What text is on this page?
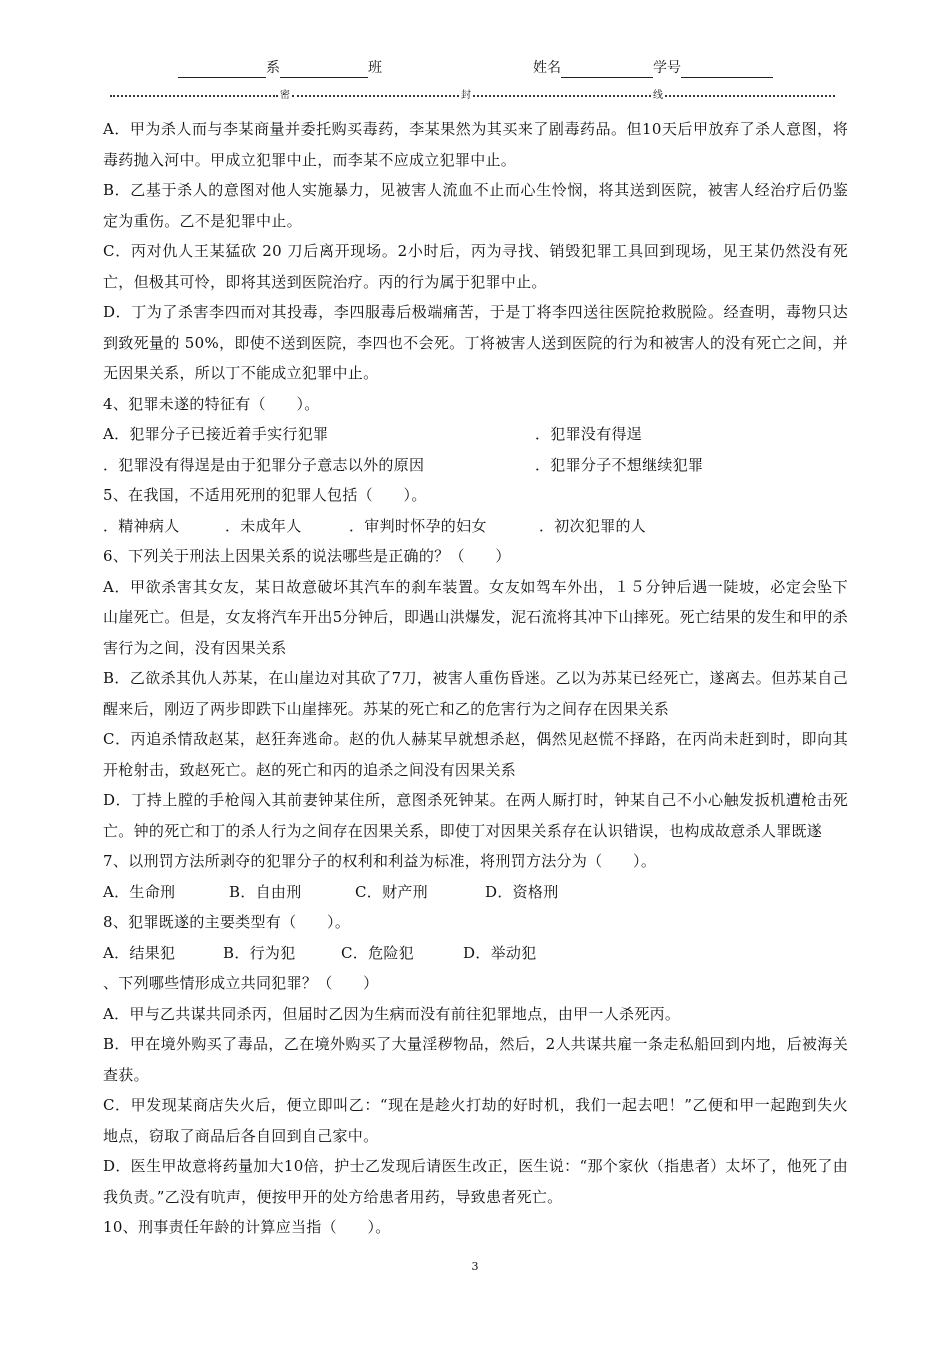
系	班	姓名	学号
密	封	线

A．甲为杀人而与李某商量并委托购买毒药，李某果然为其买来了剧毒药品。但10天后甲放弃了杀人意图，将毒药抛入河中。甲成立犯罪中止，而李某不应成立犯罪中止。

B．乙基于杀人的意图对他人实施暴力，见被害人流血不止而心生怜悯，将其送到医院，被害人经治疗后仍鉴定为重伤。乙不是犯罪中止。

C．丙对仇人王某猛砍 20 刀后离开现场。2小时后，丙为寻找、销毁犯罪工具回到现场，见王某仍然没有死亡，但极其可怜，即将其送到医院治疗。丙的行为属于犯罪中止。

D．丁为了杀害李四而对其投毒，李四服毒后极端痛苦，于是丁将李四送往医院抢救脱险。经查明，毒物只达到致死量的 50%，即使不送到医院，李四也不会死。丁将被害人送到医院的行为和被害人的没有死亡之间，并无因果关系，所以丁不能成立犯罪中止。

4、犯罪未遂的特征有（　　）。

A．犯罪分子已接近着手实行犯罪	．犯罪没有得逞
．犯罪没有得逞是由于犯罪分子意志以外的原因	．犯罪分子不想继续犯罪

5、在我国，不适用死刑的犯罪人包括（　　）。

．精神病人	．未成年人	．审判时怀孕的妇女	．初次犯罪的人

6、下列关于刑法上因果关系的说法哪些是正确的？（　　）

A．甲欲杀害其女友，某日故意破坏其汽车的刹车装置。女友如驾车外出，１５分钟后遇一陡坡，必定会坠下山崖死亡。但是，女友将汽车开出5分钟后，即遇山洪爆发，泥石流将其冲下山摔死。死亡结果的发生和甲的杀害行为之间，没有因果关系

B．乙欲杀其仇人苏某，在山崖边对其砍了7刀，被害人重伤昏迷。乙以为苏某已经死亡，遂离去。但苏某自己醒来后，刚迈了两步即跌下山崖摔死。苏某的死亡和乙的危害行为之间存在因果关系

C．丙追杀情敌赵某，赵狂奔逃命。赵的仇人赫某早就想杀赵，偶然见赵慌不择路，在丙尚未赶到时，即向其开枪射击，致赵死亡。赵的死亡和丙的追杀之间没有因果关系

D．丁持上膛的手枪闯入其前妻钟某住所，意图杀死钟某。在两人厮打时，钟某自己不小心触发扳机遭枪击死亡。钟的死亡和丁的杀人行为之间存在因果关系，即使丁对因果关系存在认识错误，也构成故意杀人罪既遂

7、以刑罚方法所剥夺的犯罪分子的权利和利益为标准，将刑罚方法分为（　　）。

A．生命刑	B．自由刑	C．财产刑	D．资格刑

8、犯罪既遂的主要类型有（　　）。

A．结果犯	B．行为犯	C．危险犯	D．举动犯

、下列哪些情形成立共同犯罪？（　　）

A．甲与乙共谋共同杀丙，但届时乙因为生病而没有前往犯罪地点，由甲一人杀死丙。

B．甲在境外购买了毒品，乙在境外购买了大量淫秽物品，然后，2人共谋共雇一条走私船回到内地，后被海关查获。

C．甲发现某商店失火后，便立即叫乙：“现在是趁火打劫的好时机，我们一起去吧！”乙便和甲一起跑到失火地点，窃取了商品后各自回到自己家中。

D．医生甲故意将药量加大10倍，护士乙发现后请医生改正，医生说：“那个家伙（指患者）太坏了，他死了由我负责。”乙没有吭声，便按甲开的处方给患者用药，导致患者死亡。

10、刑事责任年龄的计算应当指（　　）。

3
